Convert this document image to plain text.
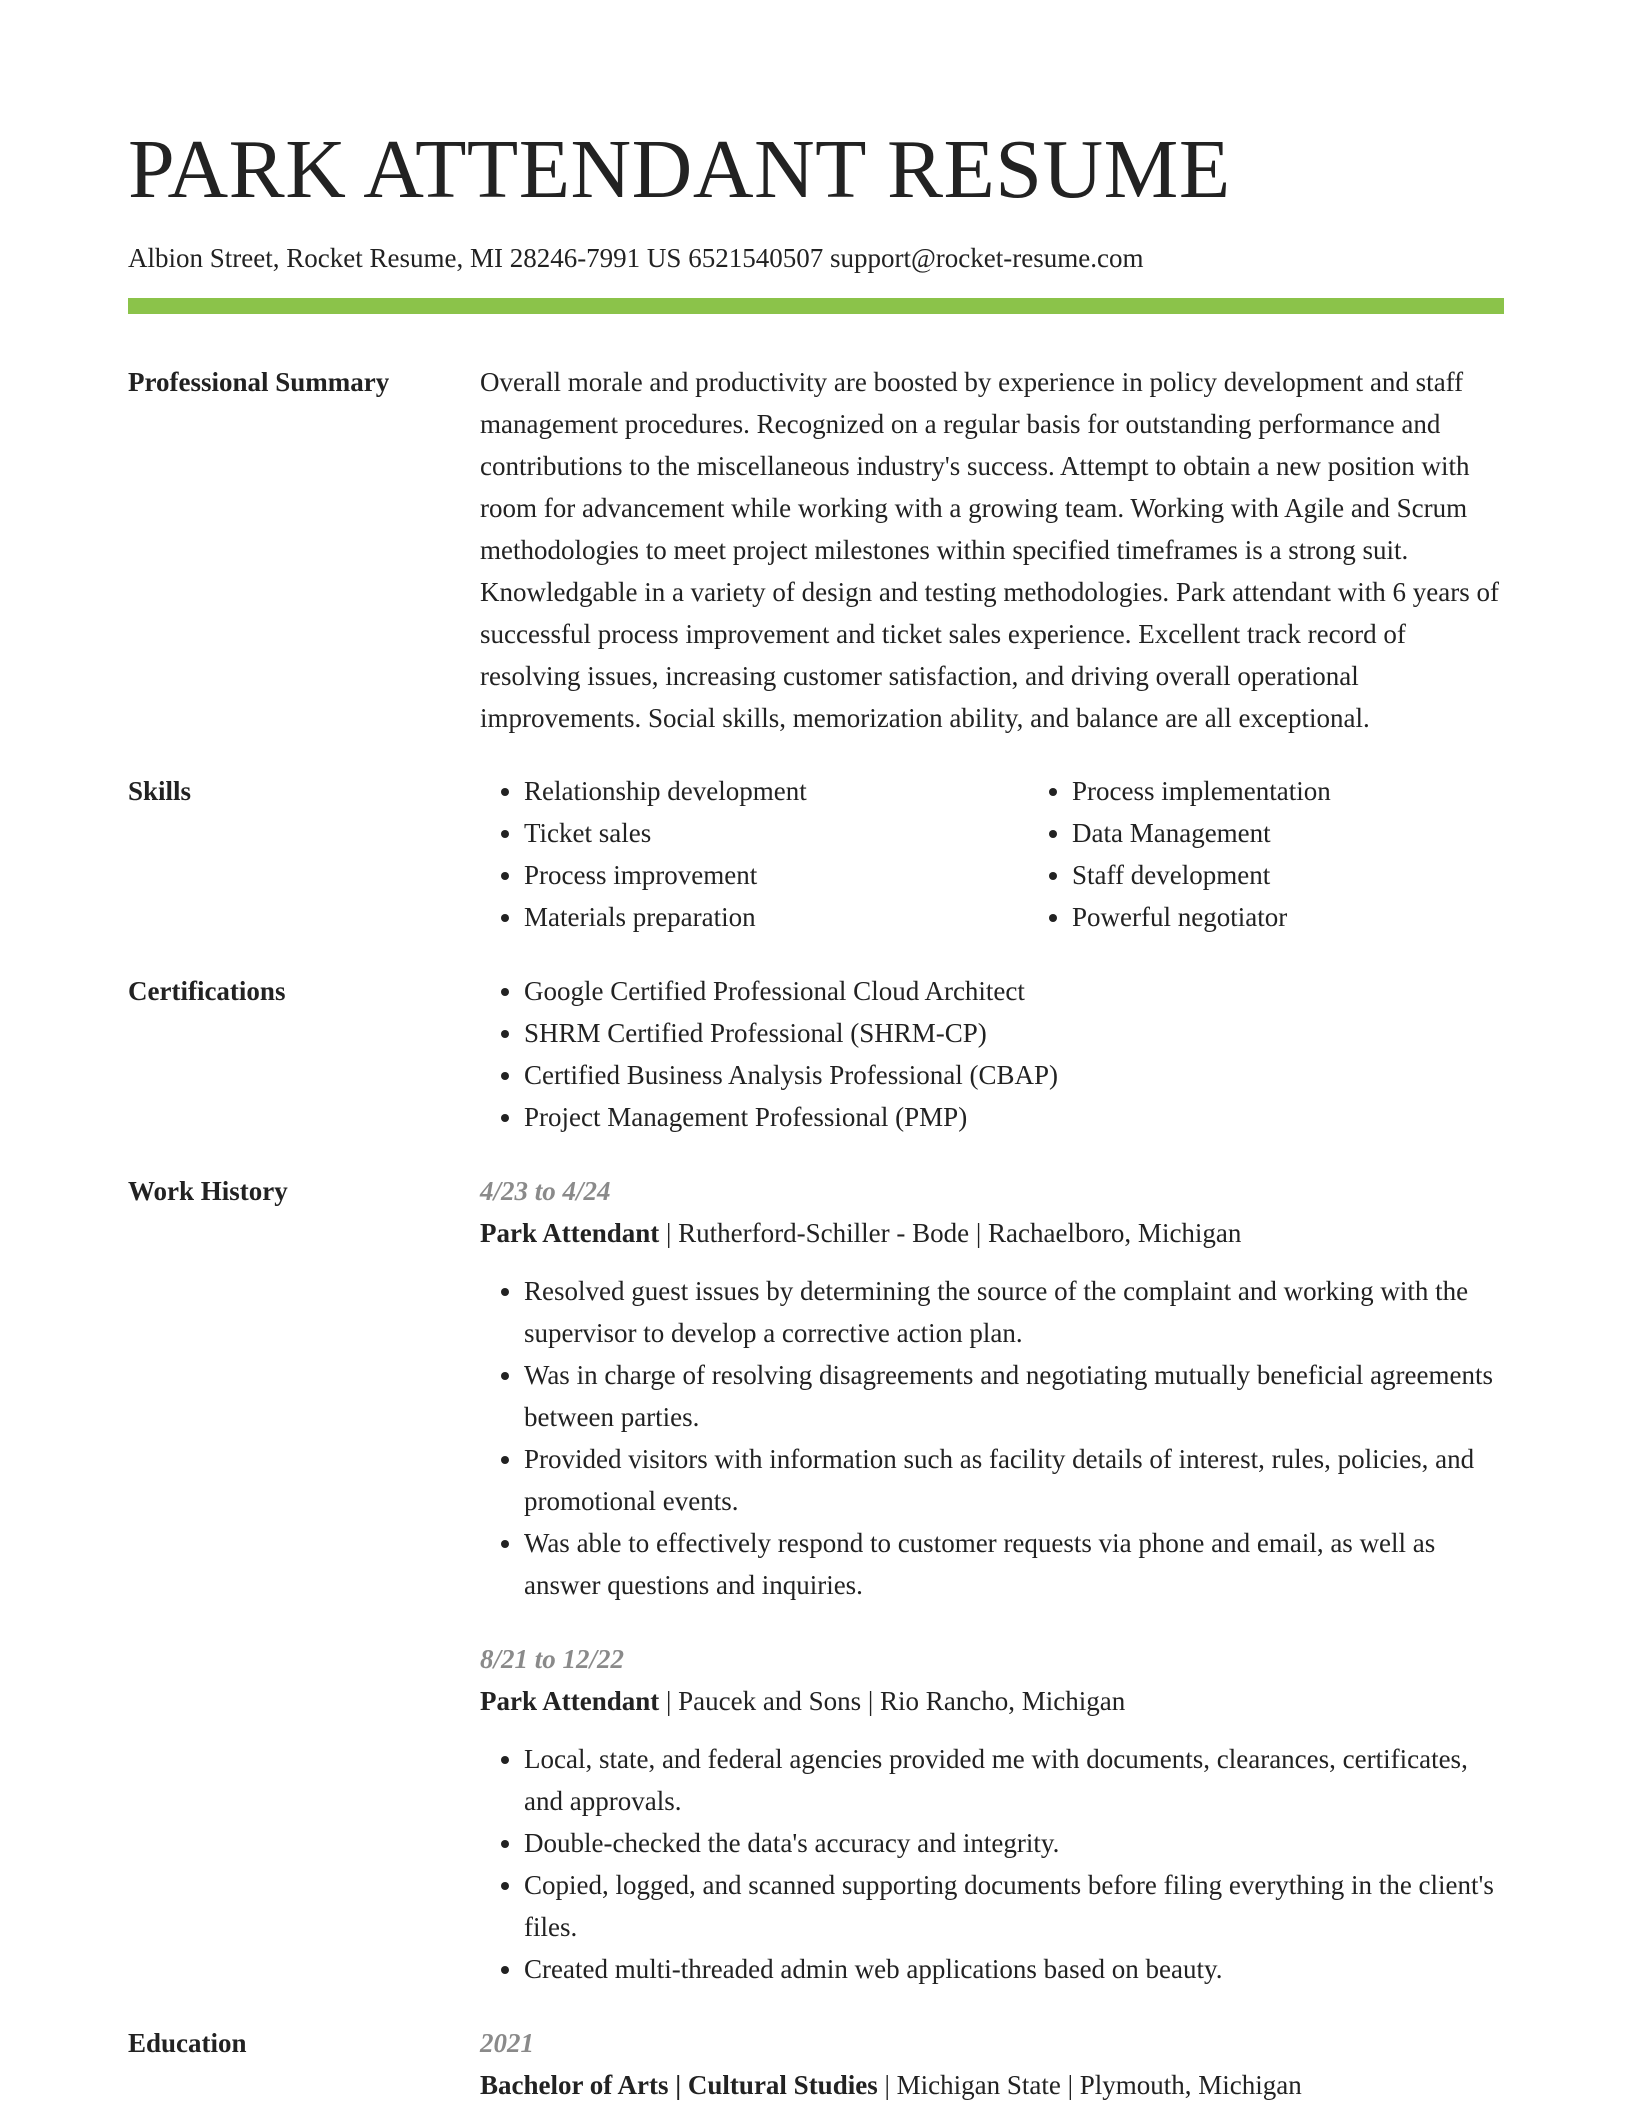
PARK ATTENDANT RESUME
Albion Street, Rocket Resume, MI 28246-7991 US 6521540507 support@rocket-resume.com
Professional Summary	Overall morale and productivity are boosted by experience in policy development and staff management procedures. Recognized on a regular basis for outstanding performance and contributions to the miscellaneous industry's success. Attempt to obtain a new position with room for advancement while working with a growing team. Working with Agile and Scrum methodologies to meet project milestones within specified timeframes is a strong suit. Knowledgable in a variety of design and testing methodologies. Park attendant with 6 years of successful process improvement and ticket sales experience. Excellent track record of resolving issues, increasing customer satisfaction, and driving overall operational improvements. Social skills, memorization ability, and balance are all exceptional.

Skills	• Relationship development
• Ticket sales
• Process improvement
• Materials preparation
• Process implementation
• Data Management
• Staff development
• Powerful negotiator
Certifications	• Google Certified Professional Cloud Architect
• SHRM Certified Professional (SHRM-CP)
• Certified Business Analysis Professional (CBAP)
• Project Management Professional (PMP)
Work History	4/23 to 4/24

Park Attendant | Rutherford-Schiller - Bode | Rachaelboro, Michigan

• Resolved guest issues by determining the source of the complaint and working with the supervisor to develop a corrective action plan.
• Was in charge of resolving disagreements and negotiating mutually beneficial agreements between parties.
• Provided visitors with information such as facility details of interest, rules, policies, and promotional events.
• Was able to effectively respond to customer requests via phone and email, as well as answer questions and inquiries.
8/21 to 12/22

Park Attendant | Paucek and Sons | Rio Rancho, Michigan

• Local, state, and federal agencies provided me with documents, clearances, certificates, and approvals.
• Double-checked the data's accuracy and integrity.
• Copied, logged, and scanned supporting documents before filing everything in the client's files.
• Created multi-threaded admin web applications based on beauty.
Education	2021

Bachelor of Arts | Cultural Studies | Michigan State | Plymouth, Michigan
